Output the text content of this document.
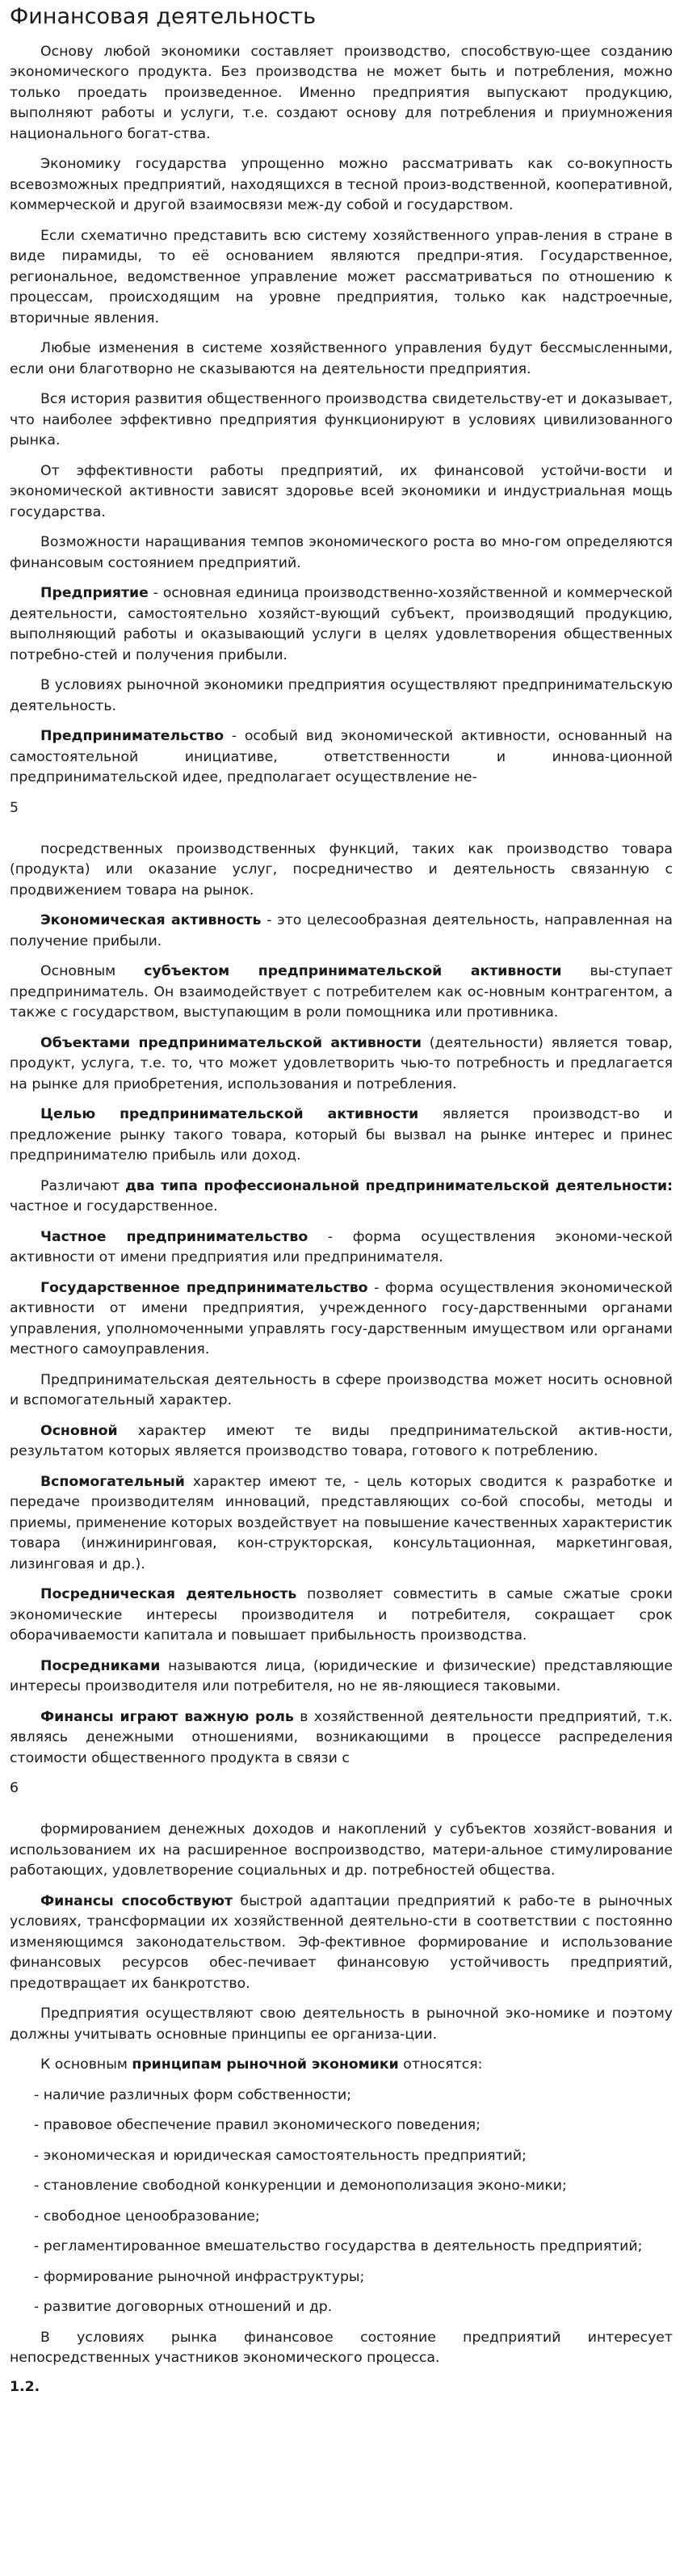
Финансовая деятельность

Основу любой экономики составляет производство, способствую-щее созданию экономического продукта. Без производства не может быть и потребления, можно только проедать произведенное. Именно предприятия выпускают продукцию, выполняют работы и услуги, т.е. создают основу для потребления и приумножения национального богат-ства.

Экономику государства упрощенно можно рассматривать как со-вокупность всевозможных предприятий, находящихся в тесной произ-водственной, кооперативной, коммерческой и другой взаимосвязи меж-ду собой и государством.

Если схематично представить всю систему хозяйственного управ-ления в стране в виде пирамиды, то её основанием являются предпри-ятия. Государственное, региональное, ведомственное управление может рассматриваться по отношению к процессам, происходящим на уровне предприятия, только как надстроечные, вторичные явления.

Любые изменения в системе хозяйственного управления будут бессмысленными, если они благотворно не сказываются на деятельности предприятия.

Вся история развития общественного производства свидетельству-ет и доказывает, что наиболее эффективно предприятия функционируют в условиях цивилизованного рынка.

От эффективности работы предприятий, их финансовой устойчи-вости и экономической активности зависят здоровье всей экономики и индустриальная мощь государства.

Возможности наращивания темпов экономического роста во мно-гом определяются финансовым состоянием предприятий.

Предприятие - основная единица производственно-хозяйственной и коммерческой деятельности, самостоятельно хозяйст-вующий субъект, производящий продукцию, выполняющий работы и оказывающий услуги в целях удовлетворения общественных потребно-стей и получения прибыли.

В условиях рыночной экономики предприятия осуществляют предпринимательскую деятельность.

Предпринимательство - особый вид экономической активности, основанный на самостоятельной инициативе, ответственности и иннова-ционной предпринимательской идее, предполагает осуществление не-

5

посредственных производственных функций, таких как производство товара (продукта) или оказание услуг, посредничество и деятельность связанную с продвижением товара на рынок.

Экономическая активность - это целесообразная деятельность, направленная на получение прибыли.

Основным субъектом предпринимательской активности вы-ступает предприниматель. Он взаимодействует с потребителем как ос-новным контрагентом, а также с государством, выступающим в роли помощника или противника.

Объектами предпринимательской активности (деятельности) является товар, продукт, услуга, т.е. то, что может удовлетворить чью-то потребность и предлагается на рынке для приобретения, использования и потребления.

Целью предпринимательской активности является производст-во и предложение рынку такого товара, который бы вызвал на рынке интерес и принес предпринимателю прибыль или доход.

Различают два типа профессиональной предпринимательской деятельности: частное и государственное.

Частное предпринимательство - форма осуществления экономи-ческой активности от имени предприятия или предпринимателя.

Государственное предпринимательство - форма осуществления экономической активности от имени предприятия, учрежденного госу-дарственными органами управления, уполномоченными управлять госу-дарственным имуществом или органами местного самоуправления.

Предпринимательская деятельность в сфере производства может носить основной и вспомогательный характер.

Основной характер имеют те виды предпринимательской актив-ности, результатом которых является производство товара, готового к потреблению.

Вспомогательный характер имеют те, - цель которых сводится к разработке и передаче производителям инноваций, представляющих со-бой способы, методы и приемы, применение которых воздействует на повышение качественных характеристик товара (инжиниринговая, кон-структорская, консультационная, маркетинговая, лизинговая и др.).

Посредническая деятельность позволяет совместить в самые сжатые сроки экономические интересы производителя и потребителя, сокращает срок оборачиваемости капитала и повышает прибыльность производства.

Посредниками называются лица, (юридические и физические) представляющие интересы производителя или потребителя, но не яв-ляющиеся таковыми.

Финансы играют важную роль в хозяйственной деятельности предприятий, т.к. являясь денежными отношениями, возникающими в процессе распределения стоимости общественного продукта в связи с

6

формированием денежных доходов и накоплений у субъектов хозяйст-вования и использованием их на расширенное воспроизводство, матери-альное стимулирование работающих, удовлетворение социальных и др. потребностей общества.

Финансы способствуют быстрой адаптации предприятий к рабо-те в рыночных условиях, трансформации их хозяйственной деятельно-сти в соответствии с постоянно изменяющимся законодательством. Эф-фективное формирование и использование финансовых ресурсов обес-печивает финансовую устойчивость предприятий, предотвращает их банкротство.

Предприятия осуществляют свою деятельность в рыночной эко-номике и поэтому должны учитывать основные принципы ее организа-ции.

К основным принципам рыночной экономики относятся:

- наличие различных форм собственности;
- правовое обеспечение правил экономического поведения;
- экономическая и юридическая самостоятельность предприятий;
- становление свободной конкуренции и демонополизация эконо-мики;
- свободное ценообразование;
- регламентированное вмешательство государства в деятельность предприятий;
- формирование рыночной инфраструктуры;
- развитие договорных отношений и др.

В условиях рынка финансовое состояние предприятий интересует непосредственных участников экономического процесса.

1.2.
